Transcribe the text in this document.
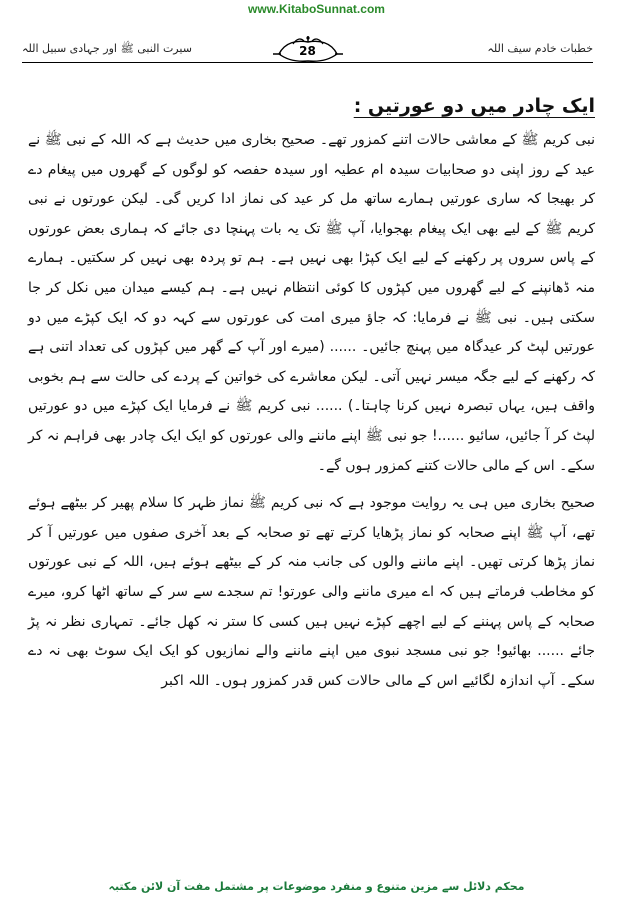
www.KitaboSunnat.com
خطبات خادم سیف اللہ
28
سیرت النبی ﷺ اور جہادی سبیل اللہ
ایک چادر میں دو عورتیں :

نبی کریم ﷺ کے معاشی حالات اتنے کمزور تھے۔ صحیح بخاری میں حدیث ہے کہ اللہ کے نبی ﷺ نے عید کے روز اپنی دو صحابیات سیدہ ام عطیہ اور سیدہ حفصہ کو لوگوں کے گھروں میں پیغام دے کر بھیجا کہ ساری عورتیں ہمارے ساتھ مل کر عید کی نماز ادا کریں گی۔ لیکن عورتوں نے نبی کریم ﷺ کے لیے بھی ایک پیغام بھجوایا، آپ ﷺ تک یہ بات پہنچا دی جائے کہ ہماری بعض عورتوں کے پاس سروں پر رکھنے کے لیے ایک کپڑا بھی نہیں ہے۔ ہم تو پردہ بھی نہیں کر سکتیں۔ ہمارے منہ ڈھانپنے کے لیے گھروں میں کپڑوں کا کوئی انتظام نہیں ہے۔ ہم کیسے میدان میں نکل کر جا سکتی ہیں۔ نبی ﷺ نے فرمایا: کہ جاؤ میری امت کی عورتوں سے کہہ دو کہ ایک کپڑے میں دو عورتیں لپٹ کر عیدگاہ میں پہنچ جائیں۔ ...... (میرے اور آپ کے گھر میں کپڑوں کی تعداد اتنی ہے کہ رکھنے کے لیے جگہ میسر نہیں آتی۔ لیکن معاشرے کی خواتین کے پردے کی حالت سے ہم بخوبی واقف ہیں، یہاں تبصرہ نہیں کرنا چاہتا۔) ...... نبی کریم ﷺ نے فرمایا ایک کپڑے میں دو عورتیں لپٹ کر آ جائیں، سائیو ......! جو نبی ﷺ اپنے ماننے والی عورتوں کو ایک ایک چادر بھی فراہم نہ کر سکے۔ اس کے مالی حالات کتنے کمزور ہوں گے۔

صحیح بخاری میں ہی یہ روایت موجود ہے کہ نبی کریم ﷺ نماز ظہر کا سلام پھیر کر بیٹھے ہوئے تھے، آپ ﷺ اپنے صحابہ کو نماز پڑھایا کرتے تھے تو صحابہ کے بعد آخری صفوں میں عورتیں آ کر نماز پڑھا کرتی تھیں۔ اپنے ماننے والوں کی جانب منہ کر کے بیٹھے ہوئے ہیں، اللہ کے نبی عورتوں کو مخاطب فرماتے ہیں کہ اے میری ماننے والی عورتو! تم سجدے سے سر کے ساتھ اٹھا کرو، میرے صحابہ کے پاس پہننے کے لیے اچھے کپڑے نہیں ہیں کسی کا ستر نہ کھل جائے۔ تمہاری نظر نہ پڑ جائے ...... بھائیو! جو نبی مسجد نبوی میں اپنے ماننے والے نمازیوں کو ایک ایک سوٹ بھی نہ دے سکے۔ آپ اندازہ لگائیے اس کے مالی حالات کس قدر کمزور ہوں۔ اللہ اکبر

محکم دلائل سے مزین متنوع و منفرد موضوعات پر مشتمل مفت آن لائن مکتبہ
